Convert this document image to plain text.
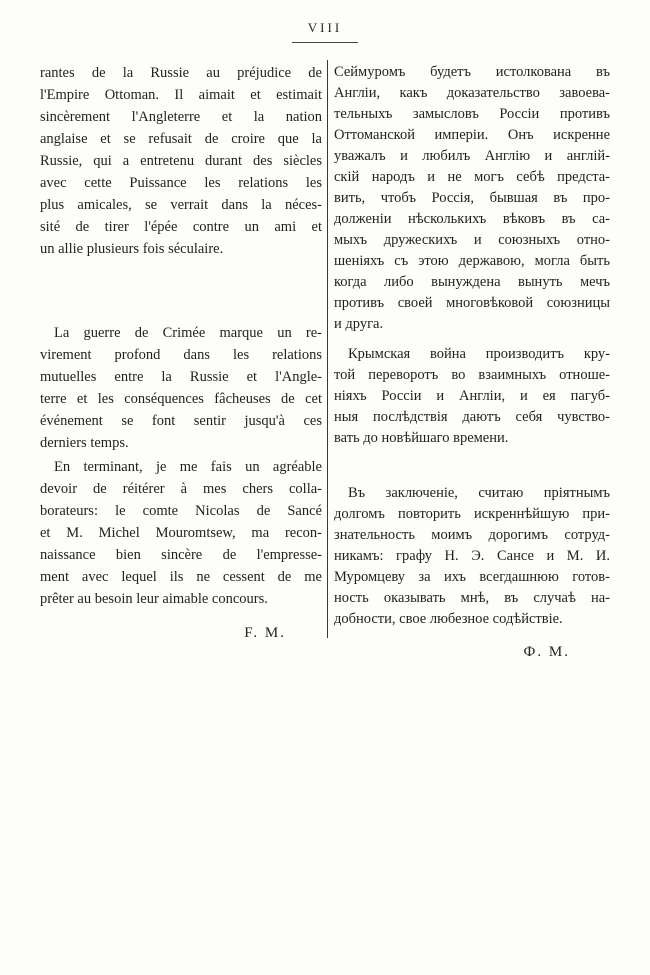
VIII
rantes de la Russie au préjudice de
l'Empire Ottoman. Il aimait et estimait
sincèrement l'Angleterre et la nation
anglaise et se refusait de croire que la
Russie, qui a entretenu durant des siècles
avec cette Puissance les relations les
plus amicales, se verrait dans la néces-
sité de tirer l'épée contre un ami et
un allie plusieurs fois séculaire.
La guerre de Crimée marque un re-
virement profond dans les relations
mutuelles entre la Russie et l'Angle-
terre et les conséquences fâcheuses de cet
événement se font sentir jusqu'à ces
derniers temps.
En terminant, je me fais un agréable
devoir de réitérer à mes chers colla-
borateurs: le comte Nicolas de Sancé
et M. Michel Mouromtsew, ma recon-
naissance bien sincère de l'empresse-
ment avec lequel ils ne cessent de me
prêter au besoin leur aimable concours.
F. M.
Сеймуромъ будетъ истолкована въ
Англіи, какъ доказательство завоева-
тельныхъ замысловъ Россіи противъ
Оттоманской имперіи. Онъ искренне
уважалъ и любилъ Англію и англій-
скій народъ и не могъ себѣ предста-
вить, чтобъ Россія, бывшая въ про-
долженіи нѣсколькихъ вѣковъ въ са-
мыхъ дружескихъ и союзныхъ отно-
шеніяхъ съ этою державою, могла быть
когда либо вынуждена вынуть мечъ
противъ своей многовѣковой союзницы
и друга.
Крымская война производитъ кру-
той переворотъ во взаимныхъ отноше-
ніяхъ Россіи и Англіи, и ея пагуб-
ныя послѣдствія даютъ себя чувство-
вать до новѣйшаго времени.
Въ заключеніе, считаю пріятнымъ
долгомъ повторить искреннѣйшую при-
знательность моимъ дорогимъ сотруд-
никамъ: графу Н. Э. Сансе и М. И.
Муромцеву за ихъ всегдашнюю готов-
ность оказывать мнѣ, въ случаѣ на-
добности, свое любезное содѣйствіе.
Ф. М.
